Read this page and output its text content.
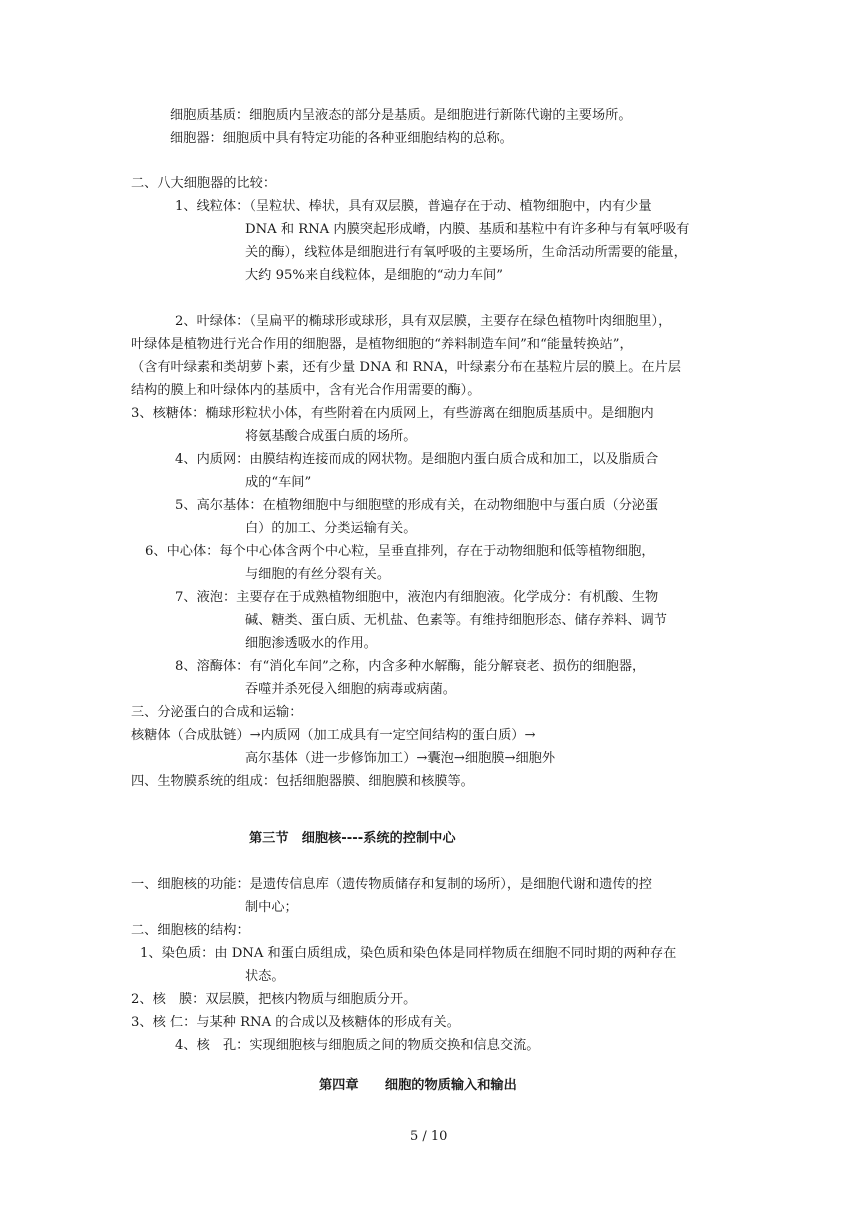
细胞质基质：细胞质内呈液态的部分是基质。是细胞进行新陈代谢的主要场所。
细胞器：细胞质中具有特定功能的各种亚细胞结构的总称。
二、八大细胞器的比较：
1、线粒体：（呈粒状、棒状，具有双层膜，普遍存在于动、植物细胞中，内有少量
DNA 和 RNA 内膜突起形成嵴，内膜、基质和基粒中有许多种与有氧呼吸有
关的酶），线粒体是细胞进行有氧呼吸的主要场所，生命活动所需要的能量，
大约 95%来自线粒体，是细胞的“动力车间”
2、叶绿体：（呈扁平的椭球形或球形，具有双层膜，主要存在绿色植物叶肉细胞里），
叶绿体是植物进行光合作用的细胞器，是植物细胞的“养料制造车间”和“能量转换站”，
（含有叶绿素和类胡萝卜素，还有少量 DNA 和 RNA，叶绿素分布在基粒片层的膜上。在片层
结构的膜上和叶绿体内的基质中，含有光合作用需要的酶）。
3、核糖体：椭球形粒状小体，有些附着在内质网上，有些游离在细胞质基质中。是细胞内
将氨基酸合成蛋白质的场所。
4、内质网：由膜结构连接而成的网状物。是细胞内蛋白质合成和加工，以及脂质合
成的“车间”
5、高尔基体：在植物细胞中与细胞壁的形成有关，在动物细胞中与蛋白质（分泌蛋
白）的加工、分类运输有关。
6、中心体：每个中心体含两个中心粒，呈垂直排列，存在于动物细胞和低等植物细胞，
与细胞的有丝分裂有关。
7、液泡：主要存在于成熟植物细胞中，液泡内有细胞液。化学成分：有机酸、生物
碱、糖类、蛋白质、无机盐、色素等。有维持细胞形态、储存养料、调节
细胞渗透吸水的作用。
8、溶酶体：有“消化车间”之称，内含多种水解酶，能分解衰老、损伤的细胞器，
吞噬并杀死侵入细胞的病毒或病菌。
三、分泌蛋白的合成和运输：
核糖体（合成肽链）→内质网（加工成具有一定空间结构的蛋白质）→
高尔基体（进一步修饰加工）→囊泡→细胞膜→细胞外
四、生物膜系统的组成：包括细胞器膜、细胞膜和核膜等。
第三节　细胞核----系统的控制中心
一、细胞核的功能：是遗传信息库（遗传物质储存和复制的场所），是细胞代谢和遗传的控
制中心；
二、细胞核的结构：
1、染色质：由 DNA 和蛋白质组成，染色质和染色体是同样物质在细胞不同时期的两种存在
状态。
2、核　膜：双层膜，把核内物质与细胞质分开。
3、核 仁：与某种 RNA 的合成以及核糖体的形成有关。
4、核　孔：实现细胞核与细胞质之间的物质交换和信息交流。
第四章　　细胞的物质输入和输出
5 / 10
